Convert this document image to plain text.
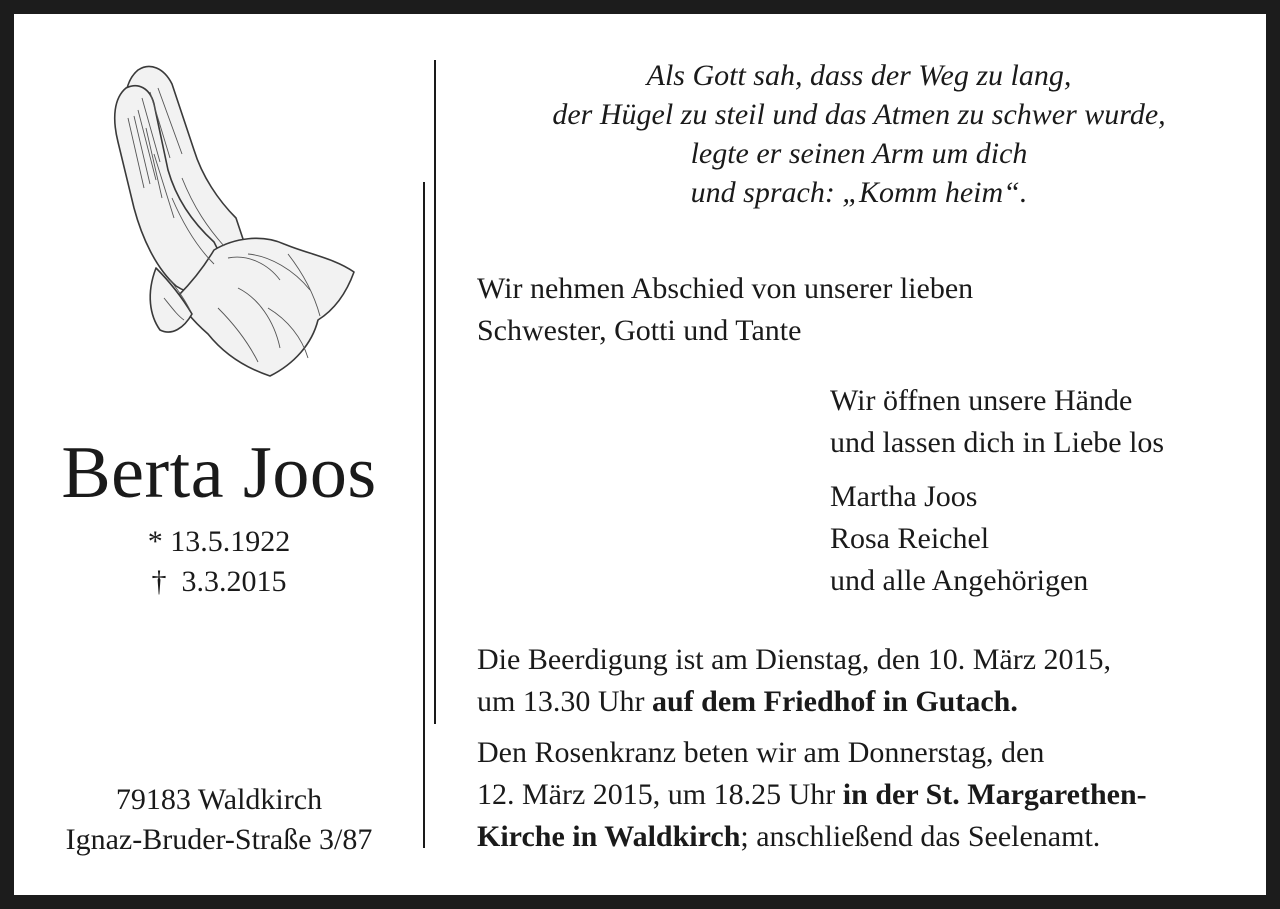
Berta Joos
* 13.5.1922
†  3.3.2015
79183 Waldkirch
Ignaz-Bruder-Straße 3/87
Als Gott sah, dass der Weg zu lang,
der Hügel zu steil und das Atmen zu schwer wurde,
legte er seinen Arm um dich
und sprach: „Komm heim“.
Wir nehmen Abschied von unserer lieben
Schwester, Gotti und Tante
Wir öffnen unsere Hände
und lassen dich in Liebe los
Martha Joos
Rosa Reichel
und alle Angehörigen
Die Beerdigung ist am Dienstag, den 10. März 2015,
um 13.30 Uhr auf dem Friedhof in Gutach.
Den Rosenkranz beten wir am Donnerstag, den
12. März 2015, um 18.25 Uhr in der St. Margarethen-
Kirche in Waldkirch; anschließend das Seelenamt.
